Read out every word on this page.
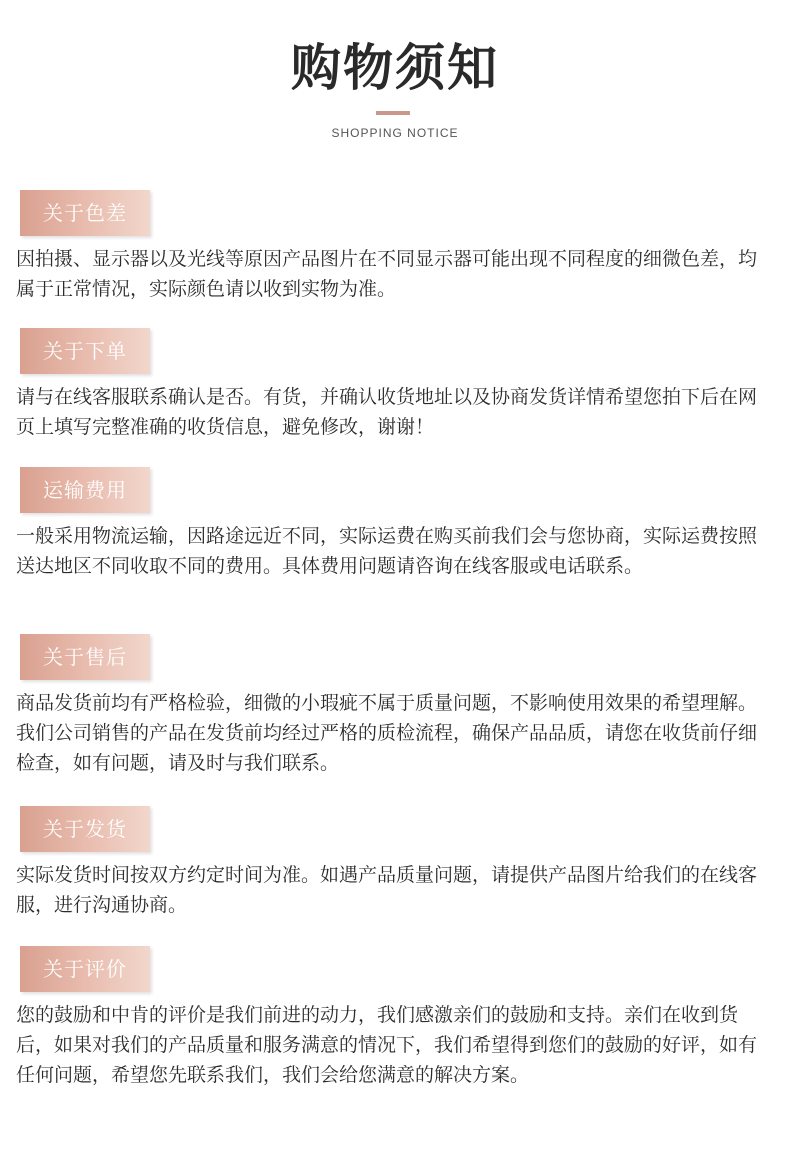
购物须知
SHOPPING NOTICE
关于色差
因拍摄、显示器以及光线等原因产品图片在不同显示器可能出现不同程度的细微色差，均属于正常情况，实际颜色请以收到实物为准。
关于下单
请与在线客服联系确认是否。有货，并确认收货地址以及协商发货详情希望您拍下后在网页上填写完整准确的收货信息，避免修改，谢谢！
运输费用
一般采用物流运输，因路途远近不同，实际运费在购买前我们会与您协商，实际运费按照送达地区不同收取不同的费用。具体费用问题请咨询在线客服或电话联系。
关于售后
商品发货前均有严格检验，细微的小瑕疵不属于质量问题，不影响使用效果的希望理解。我们公司销售的产品在发货前均经过严格的质检流程，确保产品品质，请您在收货前仔细检查，如有问题，请及时与我们联系。
关于发货
实际发货时间按双方约定时间为准。如遇产品质量问题，请提供产品图片给我们的在线客服，进行沟通协商。
关于评价
您的鼓励和中肯的评价是我们前进的动力，我们感激亲们的鼓励和支持。亲们在收到货后，如果对我们的产品质量和服务满意的情况下，我们希望得到您们的鼓励的好评，如有任何问题，希望您先联系我们，我们会给您满意的解决方案。
